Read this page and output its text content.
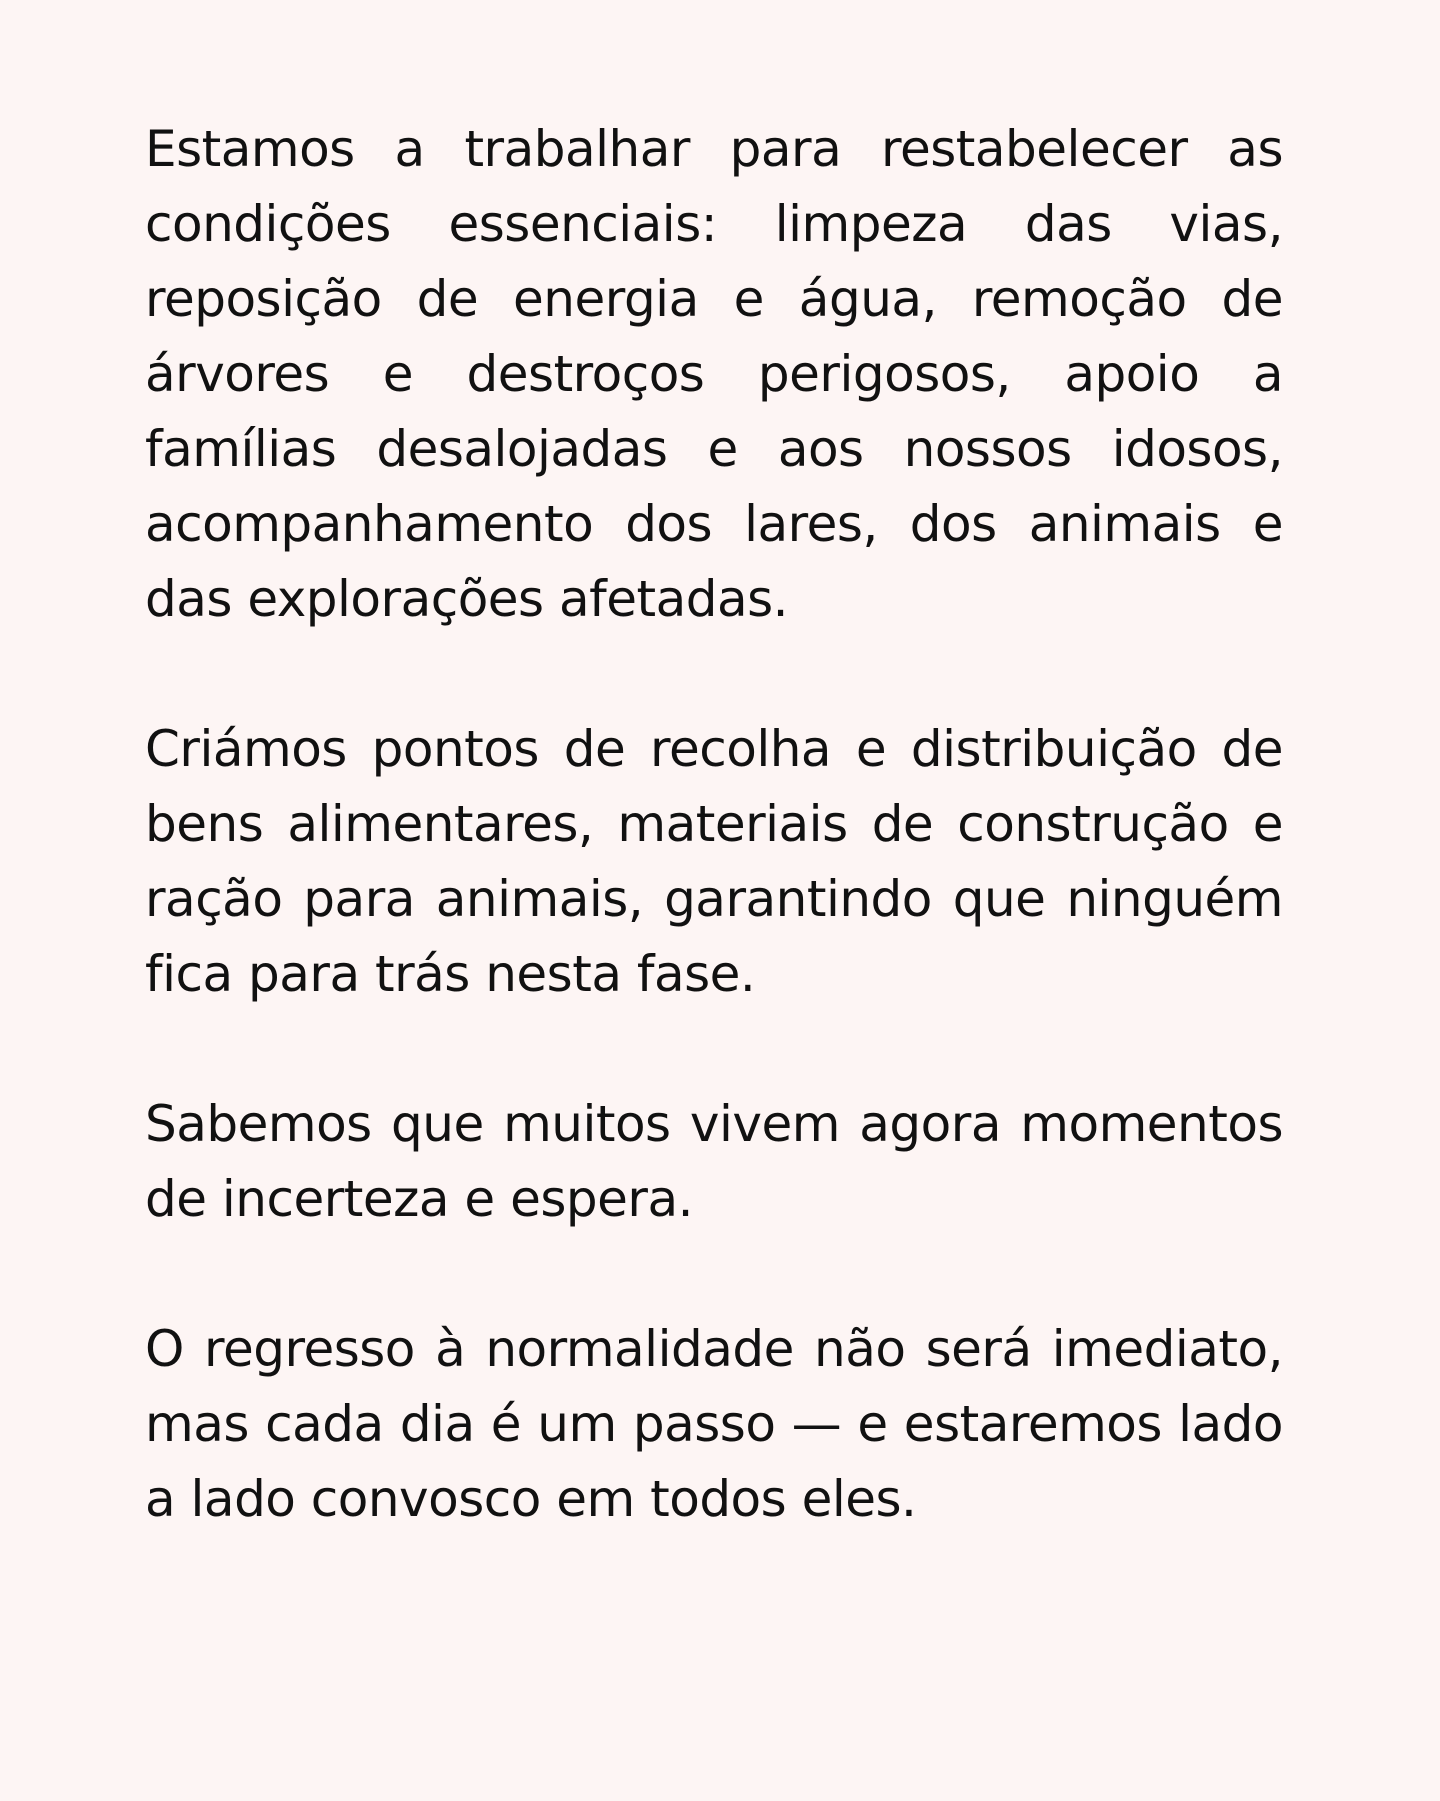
Estamos a trabalhar para restabelecer as condições essenciais: limpeza das vias, reposição de energia e água, remoção de árvores e destroços perigosos, apoio a famílias desalojadas e aos nossos idosos, acompanhamento dos lares, dos animais e das explorações afetadas.

Criámos pontos de recolha e distribuição de bens alimentares, materiais de construção e ração para animais, garantindo que ninguém fica para trás nesta fase.

Sabemos que muitos vivem agora momentos de incerteza e espera.

O regresso à normalidade não será imediato, mas cada dia é um passo — e estaremos lado a lado convosco em todos eles.
